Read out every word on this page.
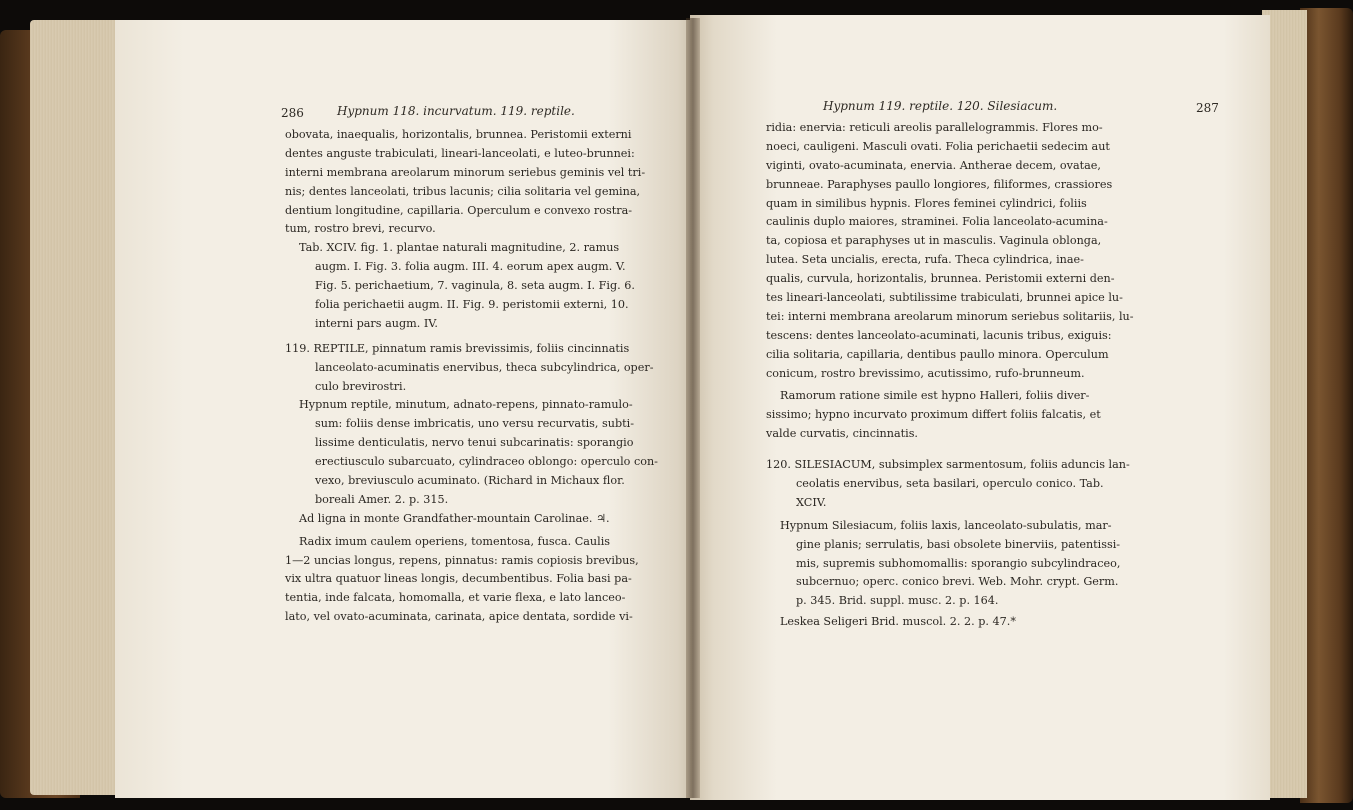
286	Hypnum 118. incurvatum. 119. reptile.
obovata, inaequalis, horizontalis, brunnea. Peristomii externi
dentes anguste trabiculati, lineari-lanceolati, e luteo-brunnei:
interni membrana areolarum minorum seriebus geminis vel tri-
nis; dentes lanceolati, tribus lacunis; cilia solitaria vel gemina,
dentium longitudine, capillaria. Operculum e convexo rostra-
tum, rostro brevi, recurvo.
Tab. XCIV. fig. 1. plantae naturali magnitudine, 2. ramus
augm. I. Fig. 3. folia augm. III. 4. eorum apex augm. V.
Fig. 5. perichaetium, 7. vaginula, 8. seta augm. I. Fig. 6.
folia perichaetii augm. II. Fig. 9. peristomii externi, 10.
interni pars augm. IV.
119. REPTILE, pinnatum ramis brevissimis, foliis cincinnatis
lanceolato-acuminatis enervibus, theca subcylindrica, oper-
culo brevirostri.
Hypnum reptile, minutum, adnato-repens, pinnato-ramulo-
sum: foliis dense imbricatis, uno versu recurvatis, subti-
lissime denticulatis, nervo tenui subcarinatis: sporangio
erectiusculo subarcuato, cylindraceo oblongo: operculo con-
vexo, breviusculo acuminato. (Richard in Michaux flor.
boreali Amer. 2. p. 315.
Ad ligna in monte Grandfather-mountain Carolinae. ♃.
Radix imum caulem operiens, tomentosa, fusca. Caulis
1—2 uncias longus, repens, pinnatus: ramis copiosis brevibus,
vix ultra quatuor lineas longis, decumbentibus. Folia basi pa-
tentia, inde falcata, homomalla, et varie flexa, e lato lanceo-
lato, vel ovato-acuminata, carinata, apice dentata, sordide vi-
Hypnum 119. reptile. 120. Silesiacum.	287
ridia: enervia: reticuli areolis parallelogrammis. Flores mo-
noeci, cauligeni. Masculi ovati. Folia perichaetii sedecim aut
viginti, ovato-acuminata, enervia. Antherae decem, ovatae,
brunneae. Paraphyses paullo longiores, filiformes, crassiores
quam in similibus hypnis. Flores feminei cylindrici, foliis
caulinis duplo maiores, straminei. Folia lanceolato-acumina-
ta, copiosa et paraphyses ut in masculis. Vaginula oblonga,
lutea. Seta uncialis, erecta, rufa. Theca cylindrica, inae-
qualis, curvula, horizontalis, brunnea. Peristomii externi den-
tes lineari-lanceolati, subtilissime trabiculati, brunnei apice lu-
tei: interni membrana areolarum minorum seriebus solitariis, lu-
tescens: dentes lanceolato-acuminati, lacunis tribus, exiguis:
cilia solitaria, capillaria, dentibus paullo minora. Operculum
conicum, rostro brevissimo, acutissimo, rufo-brunneum.
Ramorum ratione simile est hypno Halleri, foliis diver-
sissimo; hypno incurvato proximum differt foliis falcatis, et
valde curvatis, cincinnatis.
120. SILESIACUM, subsimplex sarmentosum, foliis aduncis lan-
ceolatis enervibus, seta basilari, operculo conico. Tab.
XCIV.
Hypnum Silesiacum, foliis laxis, lanceolato-subulatis, mar-
gine planis; serrulatis, basi obsolete binerviis, patentissi-
mis, supremis subhomomallis: sporangio subcylindraceo,
subcernuo; operc. conico brevi. Web. Mohr. crypt. Germ.
p. 345. Brid. suppl. musc. 2. p. 164.
Leskea Seligeri Brid. muscol. 2. 2. p. 47.*
